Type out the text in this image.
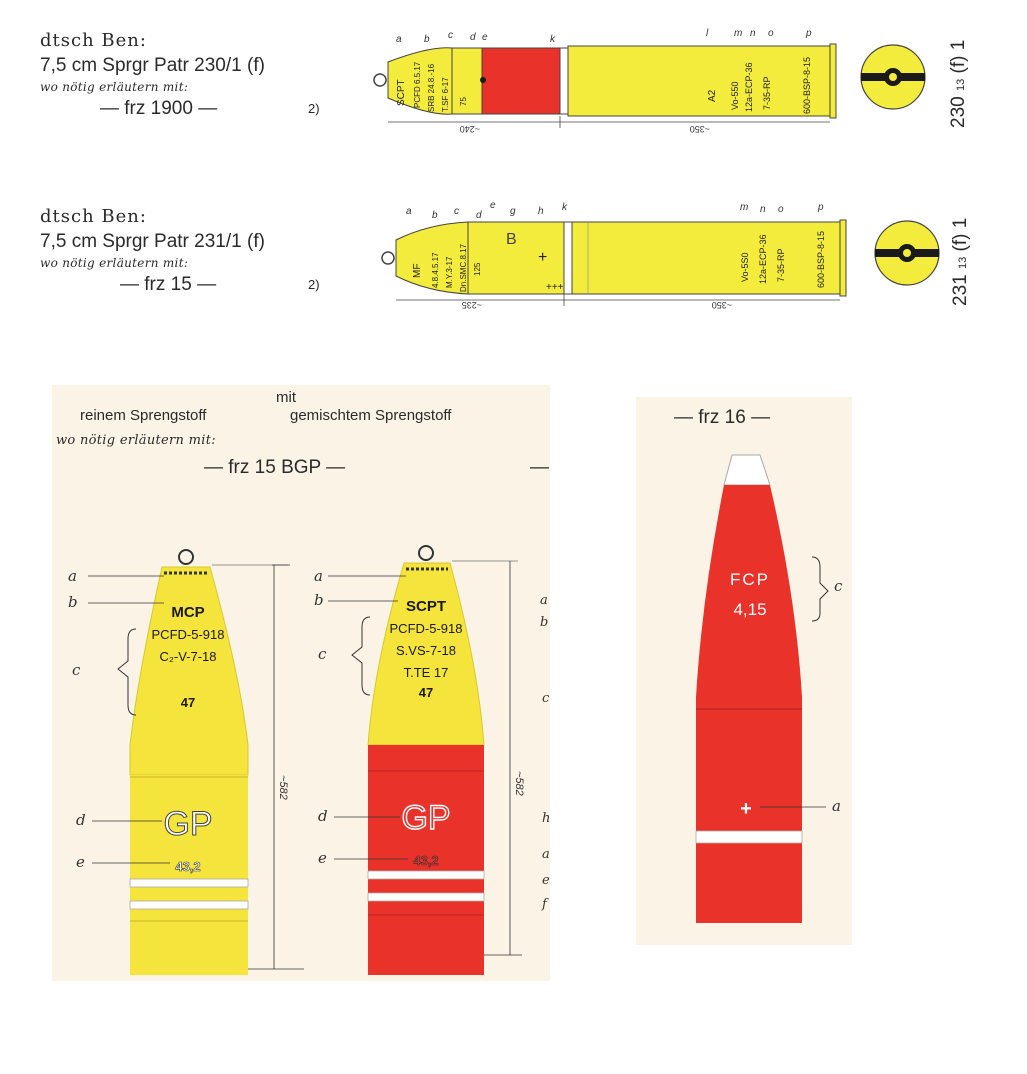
dtsch Ben:
7,5 cm Sprgr Patr 230/1 (f)
wo nötig erläutern mit:
— frz 1900 —	2)
SCPT PCFD 6.5.17 SRB 24.8.-16 T.SF 6-17 75	A2 Vo-550 12a-ECP-36 7-35-RP	600-BSP-8-15
a b c d e	k
l	m n o	p
~240	~350
230 13 (f) 1
dtsch Ben:
7,5 cm Sprgr Patr 231/1 (f)
wo nötig erläutern mit:
— frz 15 —	2)
MF 4.8.4.5.17 M.Y.3-17 Dn.SMC.8.17 125
B
+
+++
Vo-5S0 12a-ECP-36 7-35-RP	600-BSP-8-15
a b c d
e
g h k	m n o	p
~235	~350	231 13 (f) 1
mit
reinem Sprengstoff	gemischtem Sprengstoff
wo nötig erläutern mit:
— frz 15 BGP —	—
MCP
PCFD-5-918
C₂-V-7-18
47
GP
43,2
~582
SCPT
PCFD-5-918
S.VS-7-18
T.TE 17
47
GP
43,2
~582
a
b
c
d
e
a
b
c
d
e
a
b
c
h
a
e
f
— frz 16 —
FCP
4,15
+
c
a
